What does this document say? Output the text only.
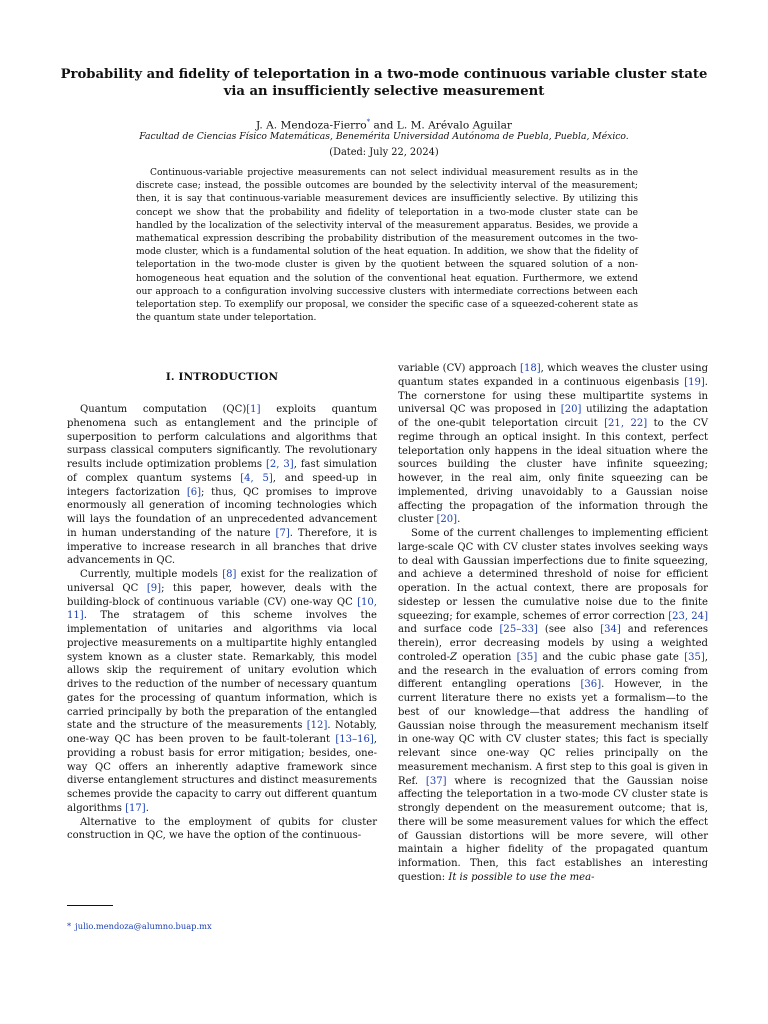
Probability and fidelity of teleportation in a two-mode continuous variable cluster state via an insufficiently selective measurement
J. A. Mendoza-Fierro* and L. M. Arévalo Aguilar
Facultad de Ciencias Físico Matemáticas, Benemérita Universidad Autónoma de Puebla, Puebla, México.
(Dated: July 22, 2024)

Continuous-variable projective measurements can not select individual measurement results as in the discrete case; instead, the possible outcomes are bounded by the selectivity interval of the measurement; then, it is say that continuous-variable measurement devices are insufficiently selective. By utilizing this concept we show that the probability and fidelity of teleportation in a two-mode cluster state can be handled by the localization of the selectivity interval of the measurement apparatus. Besides, we provide a mathematical expression describing the probability distribution of the measurement outcomes in the two-mode cluster, which is a fundamental solution of the heat equation. In addition, we show that the fidelity of teleportation in the two-mode cluster is given by the quotient between the squared solution of a non-homogeneous heat equation and the solution of the conventional heat equation. Furthermore, we extend our approach to a configuration involving successive clusters with intermediate corrections between each teleportation step. To exemplify our proposal, we consider the specific case of a squeezed-coherent state as the quantum state under teleportation.

I. INTRODUCTION

Quantum computation (QC)[1] exploits quantum phenomena such as entanglement and the principle of superposition to perform calculations and algorithms that surpass classical computers significantly. The revolutionary results include optimization problems [2, 3], fast simulation of complex quantum systems [4, 5], and speed-up in integers factorization [6]; thus, QC promises to improve enormously all generation of incoming technologies which will lays the foundation of an unprecedented advancement in human understanding of the nature [7]. Therefore, it is imperative to increase research in all branches that drive advancements in QC.

Currently, multiple models [8] exist for the realization of universal QC [9]; this paper, however, deals with the building-block of continuous variable (CV) one-way QC [10, 11]. The stratagem of this scheme involves the implementation of unitaries and algorithms via local projective measurements on a multipartite highly entangled system known as a cluster state. Remarkably, this model allows skip the requirement of unitary evolution which drives to the reduction of the number of necessary quantum gates for the processing of quantum information, which is carried principally by both the preparation of the entangled state and the structure of the measurements [12]. Notably, one-way QC has been proven to be fault-tolerant [13–16], providing a robust basis for error mitigation; besides, one-way QC offers an inherently adaptive framework since diverse entanglement structures and distinct measurements schemes provide the capacity to carry out different quantum algorithms [17].

Alternative to the employment of qubits for cluster construction in QC, we have the option of the continuous-

variable (CV) approach [18], which weaves the cluster using quantum states expanded in a continuous eigenbasis [19]. The cornerstone for using these multipartite systems in universal QC was proposed in [20] utilizing the adaptation of the one-qubit teleportation circuit [21, 22] to the CV regime through an optical insight. In this context, perfect teleportation only happens in the ideal situation where the sources building the cluster have infinite squeezing; however, in the real aim, only finite squeezing can be implemented, driving unavoidably to a Gaussian noise affecting the propagation of the information through the cluster [20].

Some of the current challenges to implementing efficient large-scale QC with CV cluster states involves seeking ways to deal with Gaussian imperfections due to finite squeezing, and achieve a determined threshold of noise for efficient operation. In the actual context, there are proposals for sidestep or lessen the cumulative noise due to the finite squeezing; for example, schemes of error correction [23, 24] and surface code [25–33] (see also [34] and references therein), error decreasing models by using a weighted controled-Z operation [35] and the cubic phase gate [35], and the research in the evaluation of errors coming from different entangling operations [36]. However, in the current literature there no exists yet a formalism—to the best of our knowledge—that address the handling of Gaussian noise through the measurement mechanism itself in one-way QC with CV cluster states; this fact is specially relevant since one-way QC relies principally on the measurement mechanism. A first step to this goal is given in Ref. [37] where is recognized that the Gaussian noise affecting the teleportation in a two-mode CV cluster state is strongly dependent on the measurement outcome; that is, there will be some measurement values for which the effect of Gaussian distortions will be more severe, will other maintain a higher fidelity of the propagated quantum information. Then, this fact establishes an interesting question: It is possible to use the mea-

* julio.mendoza@alumno.buap.mx
